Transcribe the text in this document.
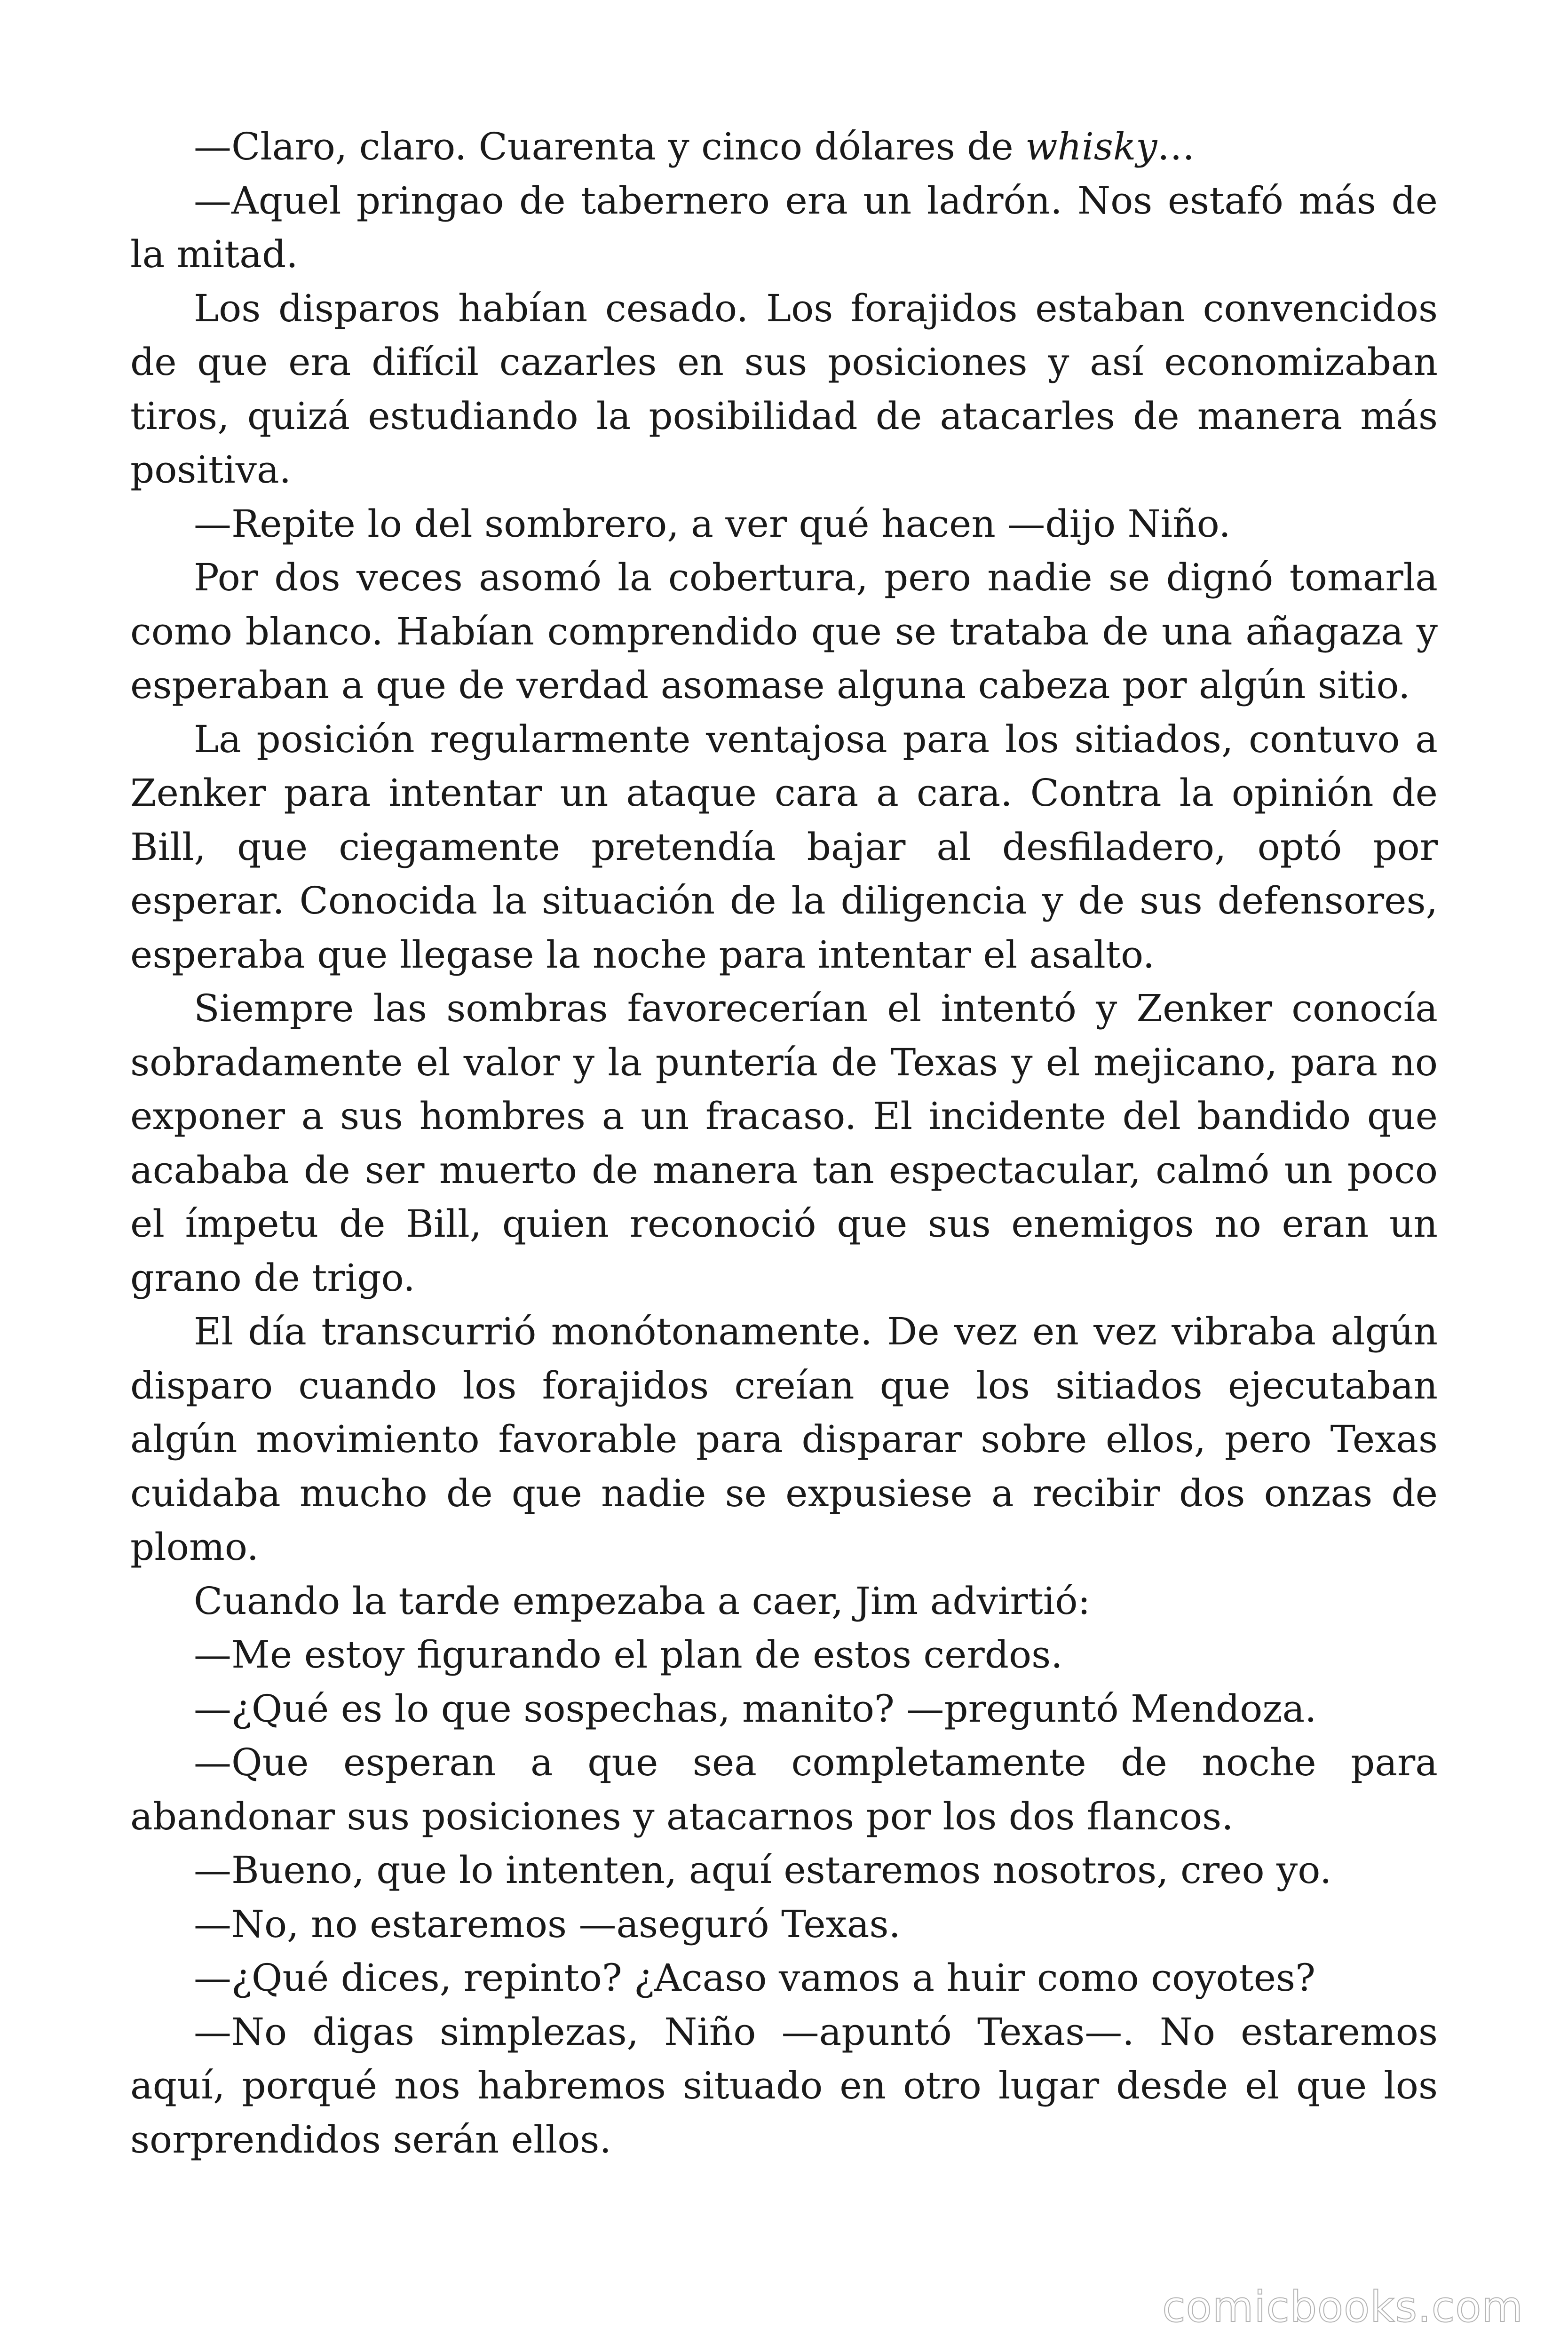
—Claro, claro. Cuarenta y cinco dólares de whisky…

—Aquel pringao de tabernero era un ladrón. Nos estafó más de la mitad.

Los disparos habían cesado. Los forajidos estaban convencidos de que era difícil cazarles en sus posiciones y así economizaban tiros, quizá estudiando la posibilidad de atacarles de manera más positiva.

—Repite lo del sombrero, a ver qué hacen —dijo Niño.

Por dos veces asomó la cobertura, pero nadie se dignó tomarla como blanco. Habían comprendido que se trataba de una añagaza y esperaban a que de verdad asomase alguna cabeza por algún sitio.

La posición regularmente ventajosa para los sitiados, contuvo a Zenker para intentar un ataque cara a cara. Contra la opinión de Bill, que ciegamente pretendía bajar al desfiladero, optó por esperar. Conocida la situación de la diligencia y de sus defensores, esperaba que llegase la noche para intentar el asalto.

Siempre las sombras favorecerían el intentó y Zenker conocía sobradamente el valor y la puntería de Texas y el mejicano, para no exponer a sus hombres a un fracaso. El incidente del bandido que acababa de ser muerto de manera tan espectacular, calmó un poco el ímpetu de Bill, quien reconoció que sus enemigos no eran un grano de trigo.

El día transcurrió monótonamente. De vez en vez vibraba algún disparo cuando los forajidos creían que los sitiados ejecutaban algún movimiento favorable para disparar sobre ellos, pero Texas cuidaba mucho de que nadie se expusiese a recibir dos onzas de plomo.

Cuando la tarde empezaba a caer, Jim advirtió:

—Me estoy figurando el plan de estos cerdos.

—¿Qué es lo que sospechas, manito? —preguntó Mendoza.

—Que esperan a que sea completamente de noche para abandonar sus posiciones y atacarnos por los dos flancos.

—Bueno, que lo intenten, aquí estaremos nosotros, creo yo.

—No, no estaremos —aseguró Texas.

—¿Qué dices, repinto? ¿Acaso vamos a huir como coyotes?

—No digas simplezas, Niño —apuntó Texas—. No estaremos aquí, porqué nos habremos situado en otro lugar desde el que los sorprendidos serán ellos.

comicbooks.com
